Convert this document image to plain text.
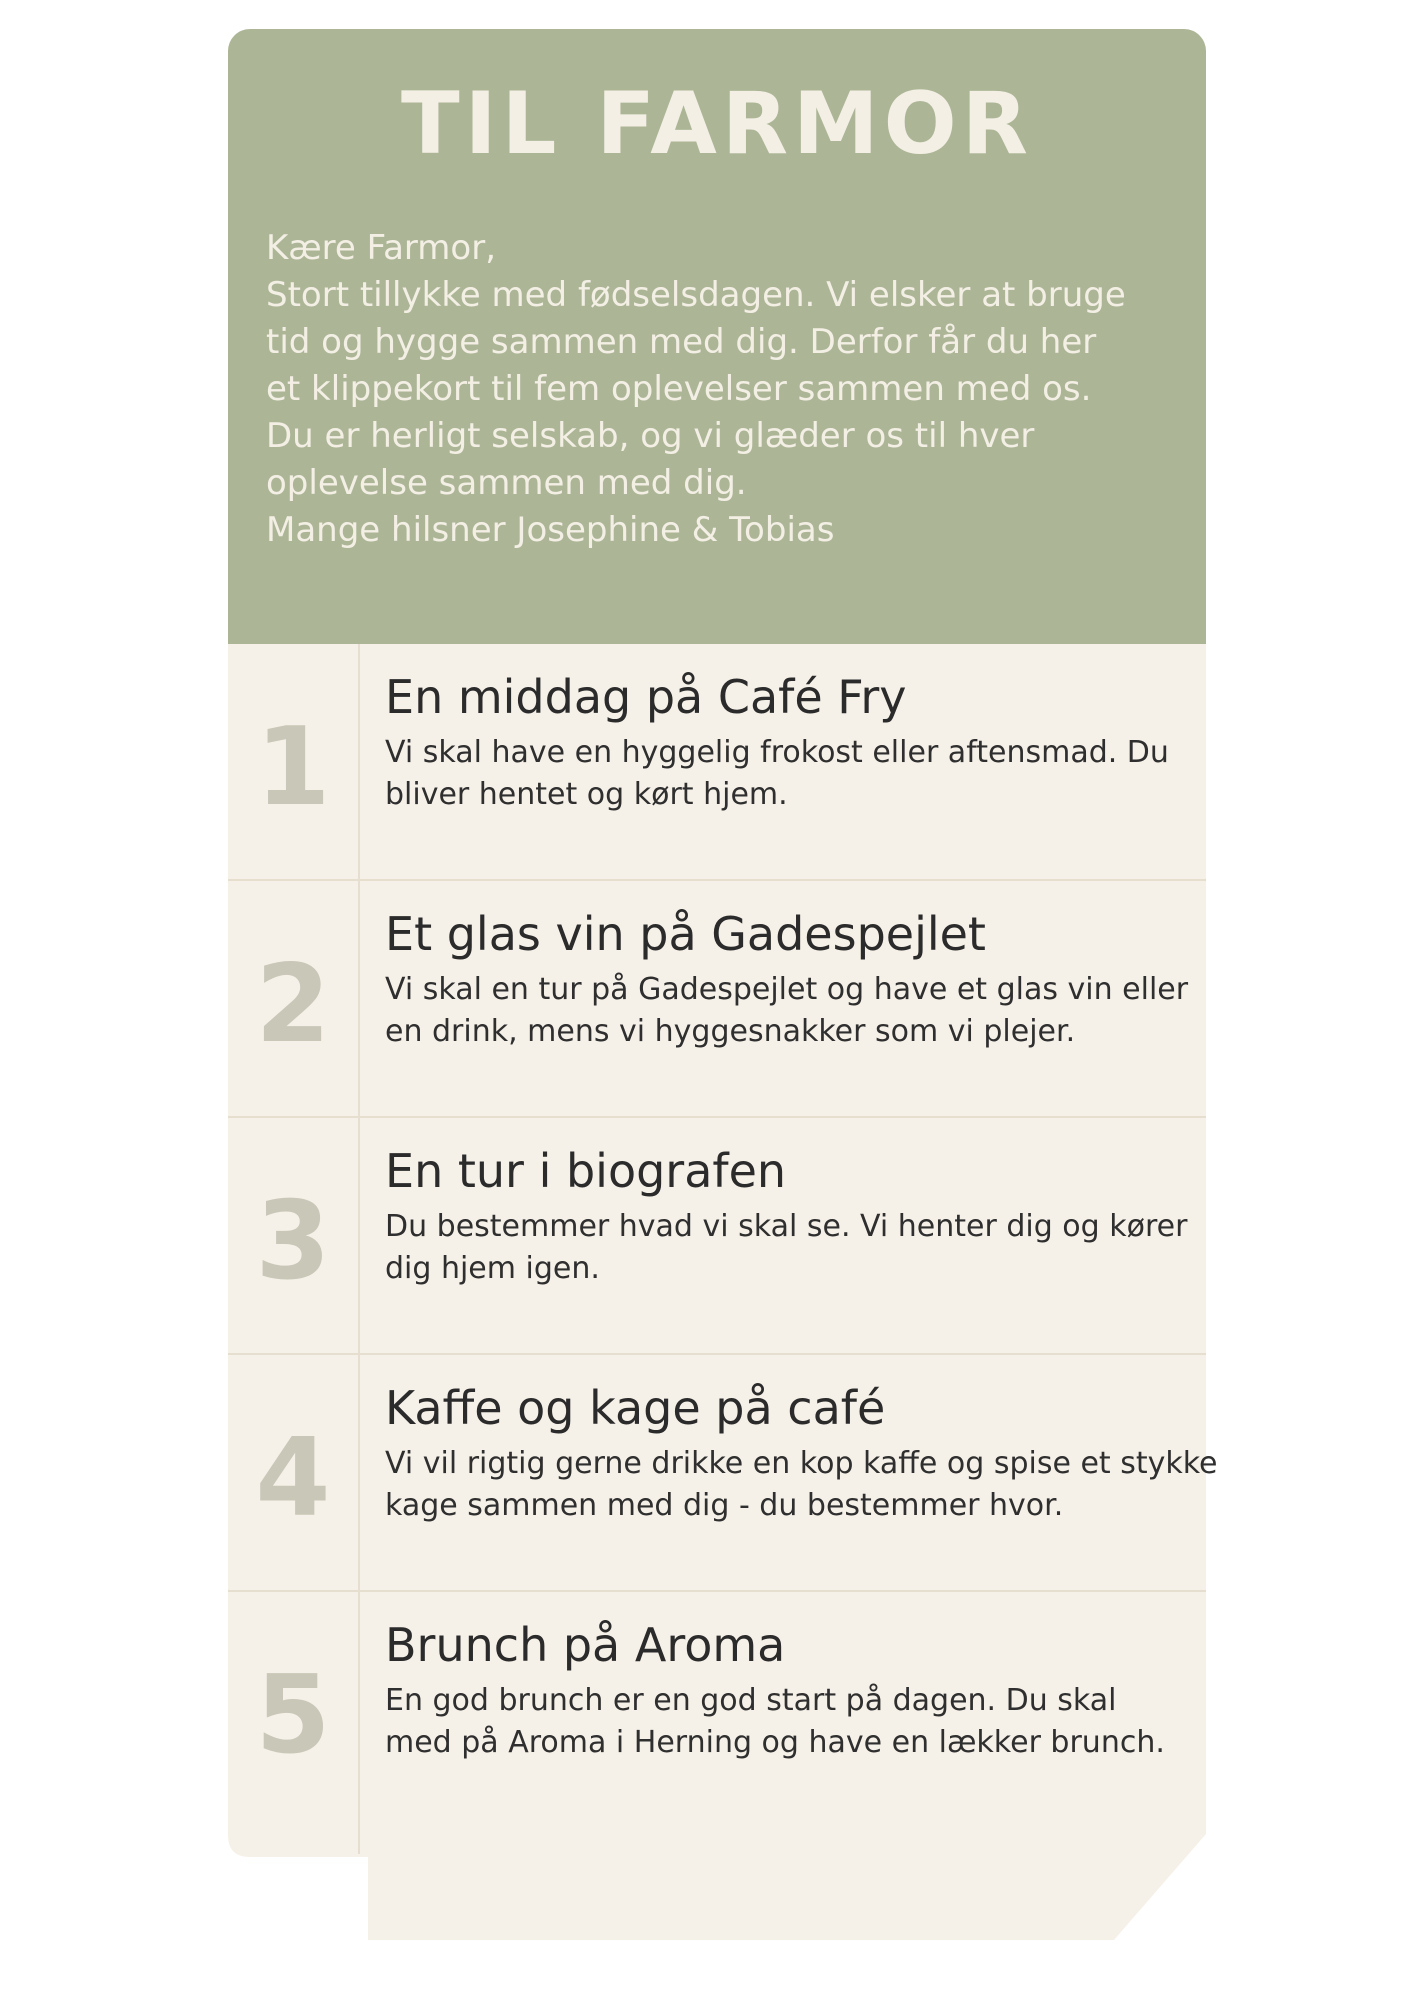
TIL FARMOR

Kære Farmor,
Stort tillykke med fødselsdagen. Vi elsker at bruge
tid og hygge sammen med dig. Derfor får du her
et klippekort til fem oplevelser sammen med os.
Du er herligt selskab, og vi glæder os til hver
oplevelse sammen med dig.
Mange hilsner Josephine & Tobias

1
En middag på Café Fry
Vi skal have en hyggelig frokost eller aftensmad. Du
bliver hentet og kørt hjem.
2
Et glas vin på Gadespejlet
Vi skal en tur på Gadespejlet og have et glas vin eller
en drink, mens vi hyggesnakker som vi plejer.
3
En tur i biografen
Du bestemmer hvad vi skal se. Vi henter dig og kører
dig hjem igen.
4
Kaffe og kage på café
Vi vil rigtig gerne drikke en kop kaffe og spise et stykke
kage sammen med dig - du bestemmer hvor.
5
Brunch på Aroma
En god brunch er en god start på dagen. Du skal
med på Aroma i Herning og have en lækker brunch.
